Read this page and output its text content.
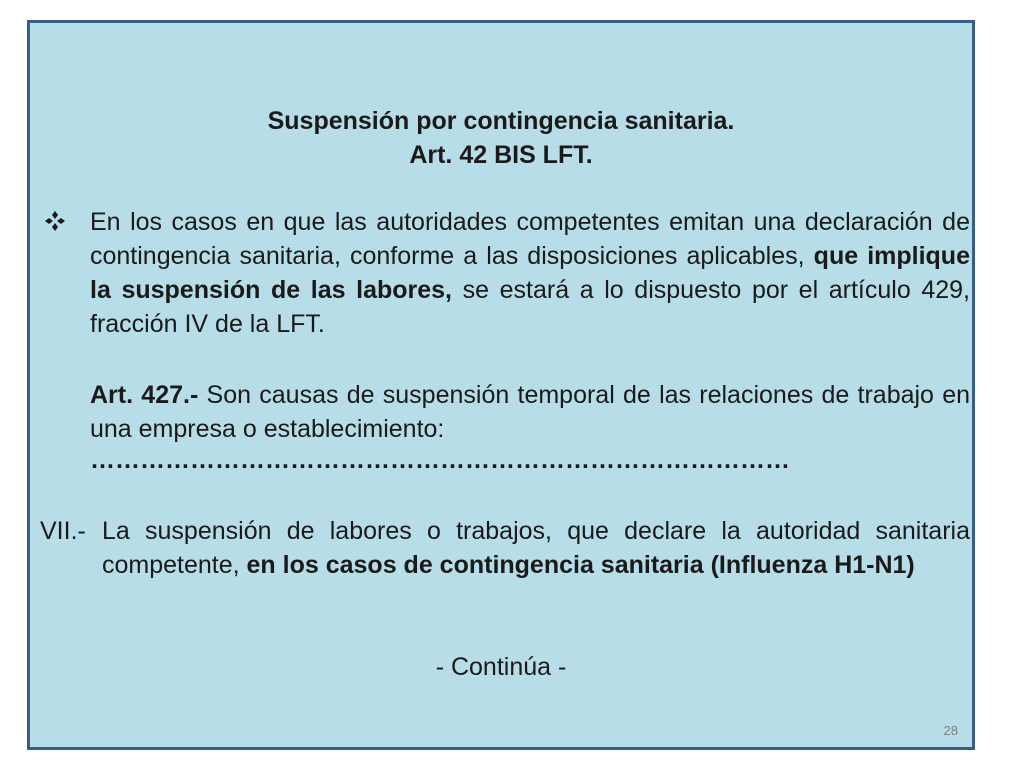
Suspensión por contingencia sanitaria.
Art. 42 BIS LFT.
En los casos en que las autoridades competentes emitan una declaración de contingencia sanitaria, conforme a las disposiciones aplicables, que implique la suspensión de las labores, se estará a lo dispuesto por el artículo 429, fracción IV de la LFT.
Art. 427.- Son causas de suspensión temporal de las relaciones de trabajo en una empresa o establecimiento:
…………………………………………………………………………
VII.- La suspensión de labores o trabajos, que declare la autoridad sanitaria competente, en los casos de contingencia sanitaria (Influenza H1-N1)
- Continúa -
28
